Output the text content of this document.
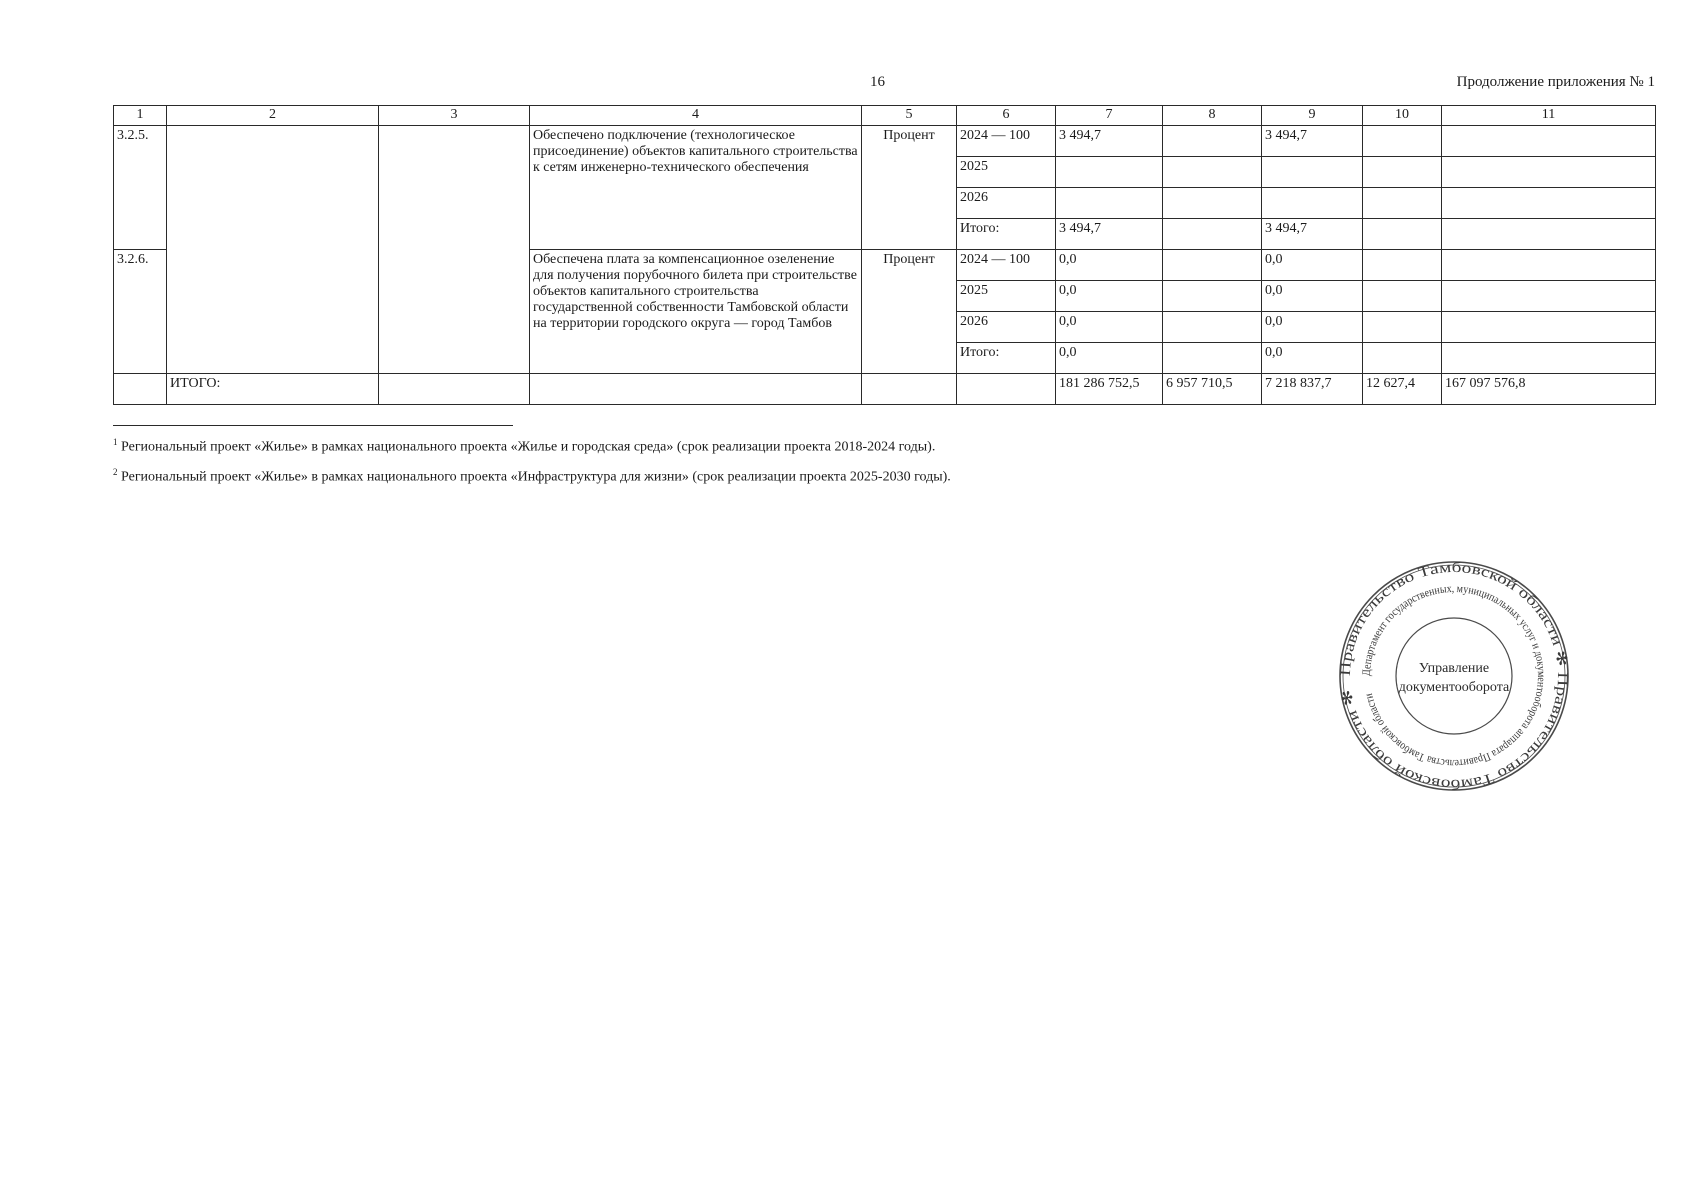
16	Продолжение приложения № 1
1	2	3	4	5	6	7	8	9	10	11
3.2.5.			Обеспечено подключение (технологическое присоединение) объектов капитального строительства к сетям инженерно-технического обеспечения	Процент	2024 — 100	3 494,7		3 494,7		
					2025					
					2026					
					Итого:	3 494,7		3 494,7		
3.2.6.			Обеспечена плата за компенсационное озеленение для получения порубочного билета при строительстве объектов капитального строительства государственной собственности Тамбовской области на территории городского округа — город Тамбов	Процент	2024 — 100	0,0		0,0		
					2025	0,0		0,0		
					2026	0,0		0,0		
					Итого:	0,0		0,0		
	ИТОГО:					181 286 752,5	6 957 710,5	7 218 837,7	12 627,4	167 097 576,8
$^1$ Региональный проект «Жилье» в рамках национального проекта «Жилье и городская среда» (срок реализации проекта 2018-2024 годы).
$^2$ Региональный проект «Жилье» в рамках национального проекта «Инфраструктура для жизни» (срок реализации проекта 2025-2030 годы).
Правительство Тамбовской области ✻ Правительство Тамбовской области ✻
Департамент государственных, муниципальных услуг и документооборота аппарата Правительства Тамбовской области
Управление
документооборота
